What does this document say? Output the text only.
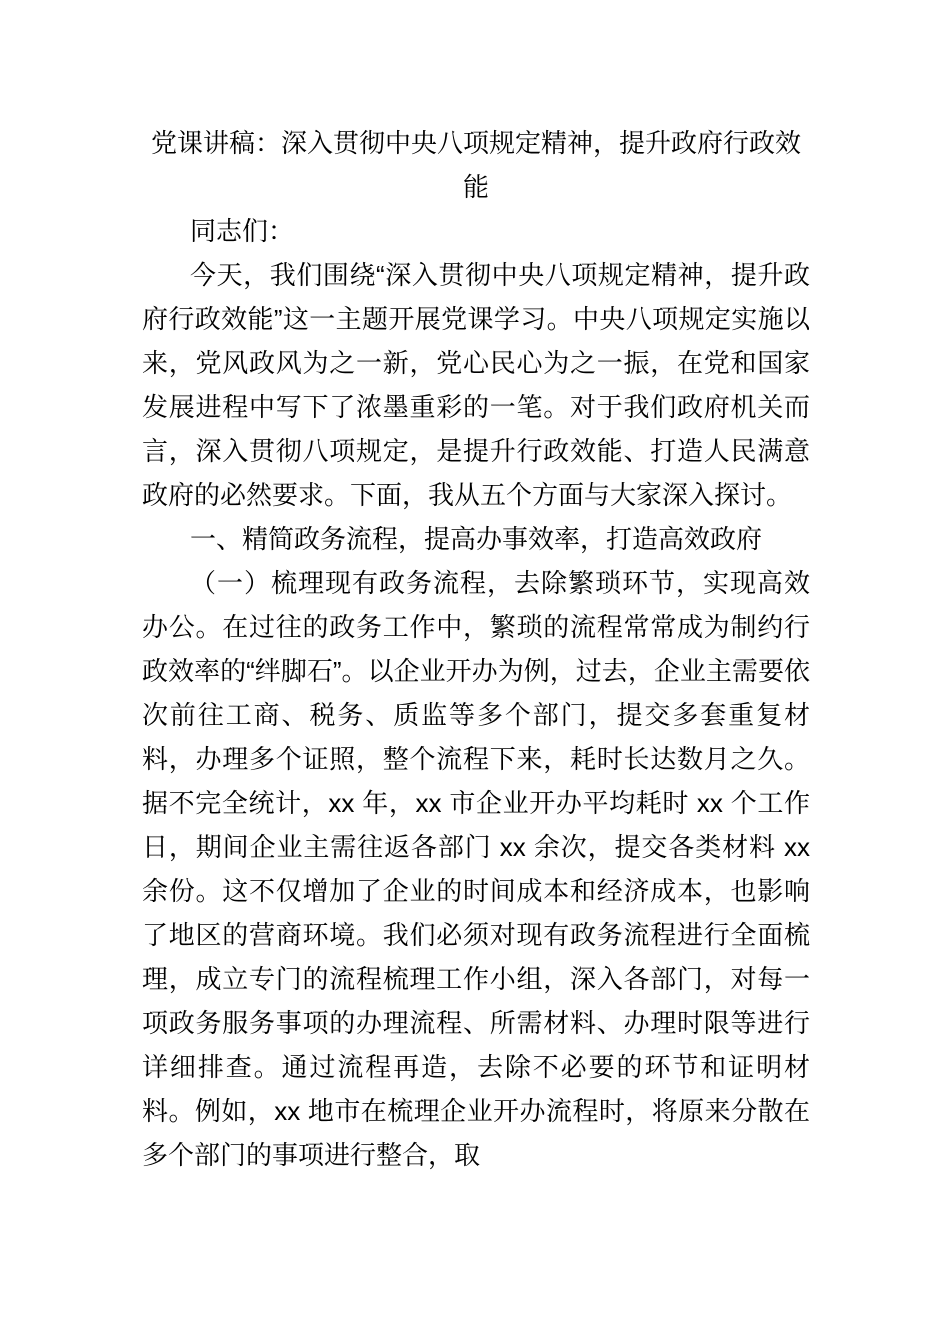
党课讲稿：深入贯彻中央八项规定精神，提升政府行政效
能

同志们：

今天，我们围绕“深入贯彻中央八项规定精神，提升政府行政效能”这一主题开展党课学习。中央八项规定实施以来，党风政风为之一新，党心民心为之一振，在党和国家发展进程中写下了浓墨重彩的一笔。对于我们政府机关而言，深入贯彻八项规定，是提升行政效能、打造人民满意政府的必然要求。下面，我从五个方面与大家深入探讨。

一、精简政务流程，提高办事效率，打造高效政府

（一）梳理现有政务流程，去除繁琐环节，实现高效办公。在过往的政务工作中，繁琐的流程常常成为制约行政效率的“绊脚石”。以企业开办为例，过去，企业主需要依次前往工商、税务、质监等多个部门，提交多套重复材料，办理多个证照，整个流程下来，耗时长达数月之久。据不完全统计，xx 年，xx 市企业开办平均耗时 xx 个工作日，期间企业主需往返各部门 xx 余次，提交各类材料 xx 余份。这不仅增加了企业的时间成本和经济成本，也影响了地区的营商环境。我们必须对现有政务流程进行全面梳理，成立专门的流程梳理工作小组，深入各部门，对每一项政务服务事项的办理流程、所需材料、办理时限等进行详细排查。通过流程再造，去除不必要的环节和证明材料。例如，xx 地市在梳理企业开办流程时，将原来分散在多个部门的事项进行整合，取
